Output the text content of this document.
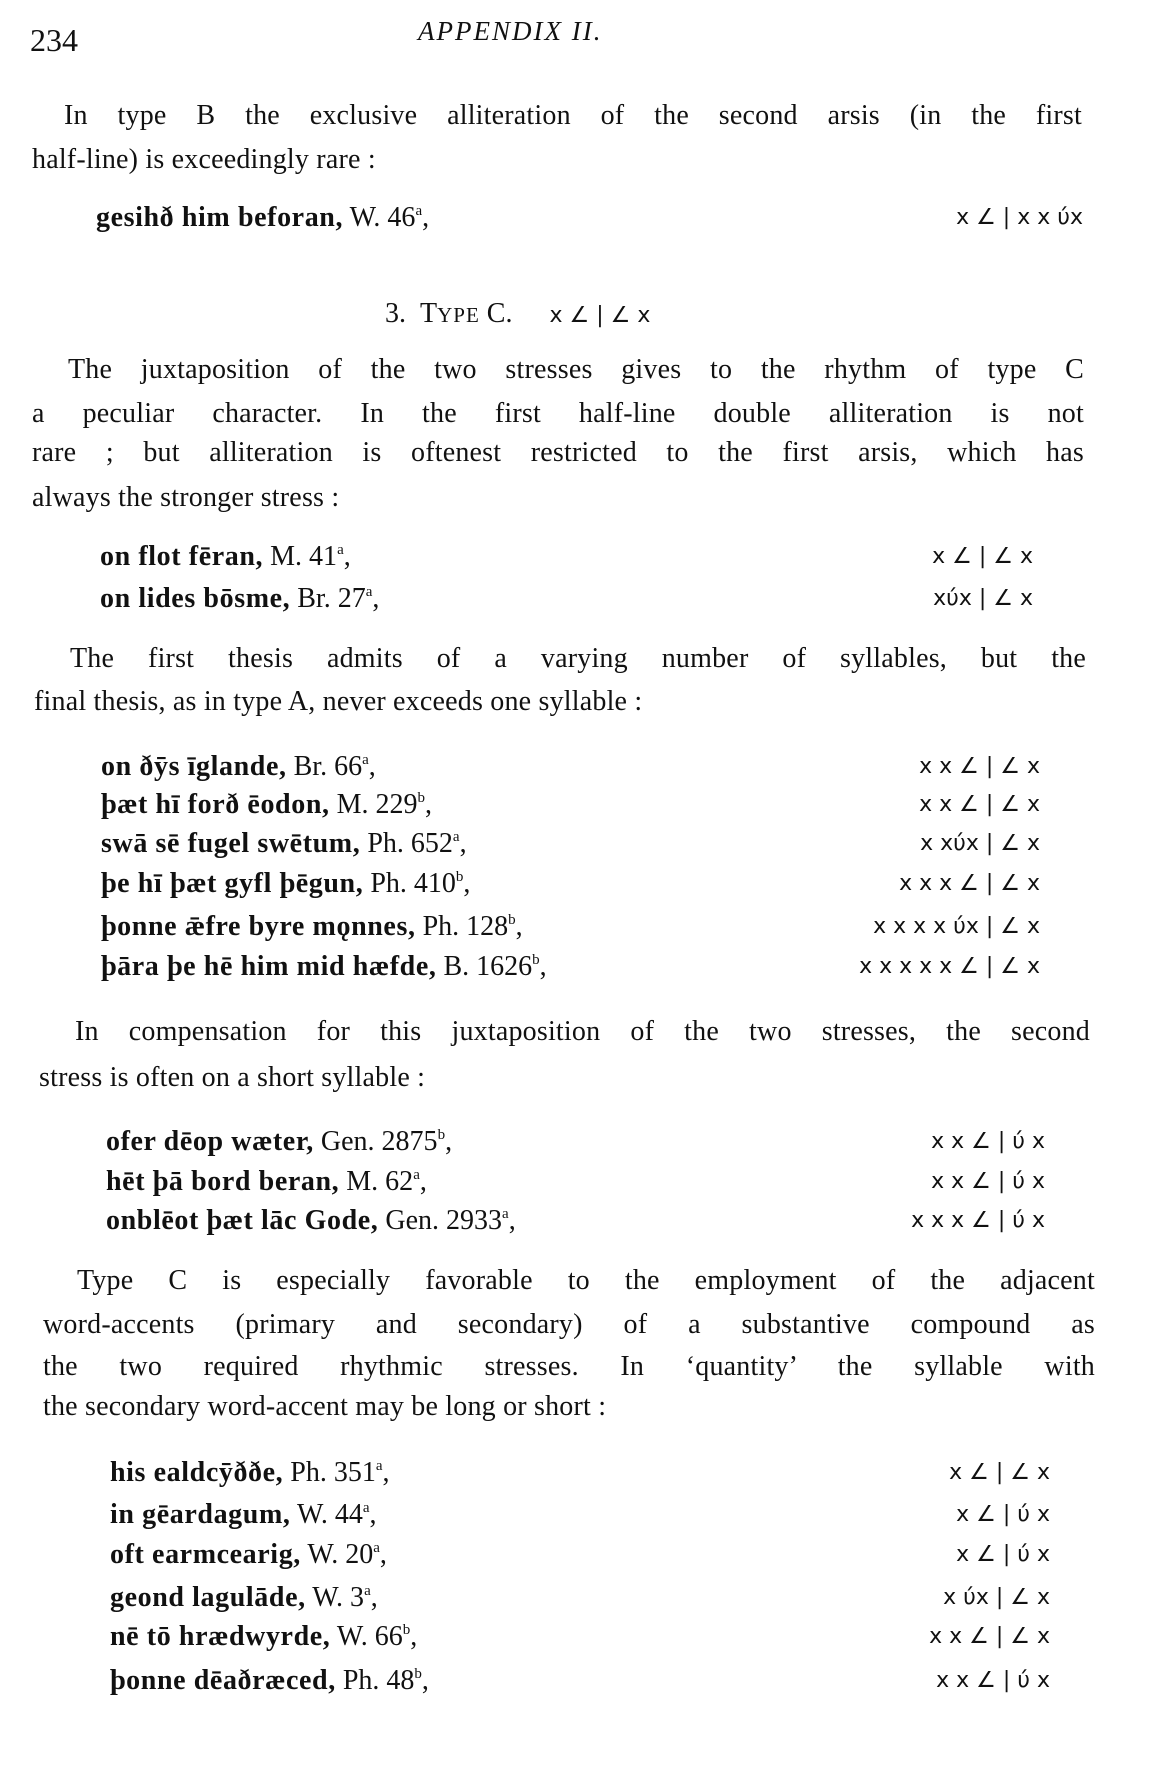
234	APPENDIX II.
In type B the exclusive alliteration of the second arsis (in the first
half-line) is exceedingly rare :
The juxtaposition of the two stresses gives to the rhythm of type C
a peculiar character. In the first half-line double alliteration is not
rare ; but alliteration is oftenest restricted to the first arsis, which has
always the stronger stress :
The first thesis admits of a varying number of syllables, but the
final thesis, as in type A, never exceeds one syllable :
In compensation for this juxtaposition of the two stresses, the second
stress is often on a short syllable :
Type C is especially favorable to the employment of the adjacent
word-accents (primary and secondary) of a substantive compound as
the two required rhythmic stresses. In ‘quantity’ the syllable with
the secondary word-accent may be long or short :
gesihð him beforan, W. 46$^a$,	x ∠ | x x ύx
on flot fēran, M. 41$^a$,	x ∠ | ∠ x
on lides bōsme, Br. 27$^a$,	xύx | ∠ x
on ðȳs īglande, Br. 66$^a$,	x x ∠ | ∠ x
þæt hī forð ēodon, M. 229$^b$,	x x ∠ | ∠ x
swā sē fugel swētum, Ph. 652$^a$,	x xύx | ∠ x
þe hī þæt gyfl þēgun, Ph. 410$^b$,	x x x ∠ | ∠ x
þonne ǣfre byre mǫnnes, Ph. 128$^b$,	x x x x ύx | ∠ x
þāra þe hē him mid hæfde, B. 1626$^b$,	x x x x x ∠ | ∠ x
ofer dēop wæter, Gen. 2875$^b$,	x x ∠ | ύ x
hēt þā bord beran, M. 62$^a$,	x x ∠ | ύ x
onblēot þæt lāc Gode, Gen. 2933$^a$,	x x x ∠ | ύ x
his ealdcȳððe, Ph. 351$^a$,	x ∠ | ∠ x
in gēardagum, W. 44$^a$,	x ∠ | ύ x
oft earmcearig, W. 20$^a$,	x ∠ | ύ x
geond lagulāde, W. 3$^a$,	x ύx | ∠ x
nē tō hrædwyrde, W. 66$^b$,	x x ∠ | ∠ x
þonne dēaðræced, Ph. 48$^b$,	x x ∠ | ύ x
3. TYPE C. x ∠ | ∠ x
